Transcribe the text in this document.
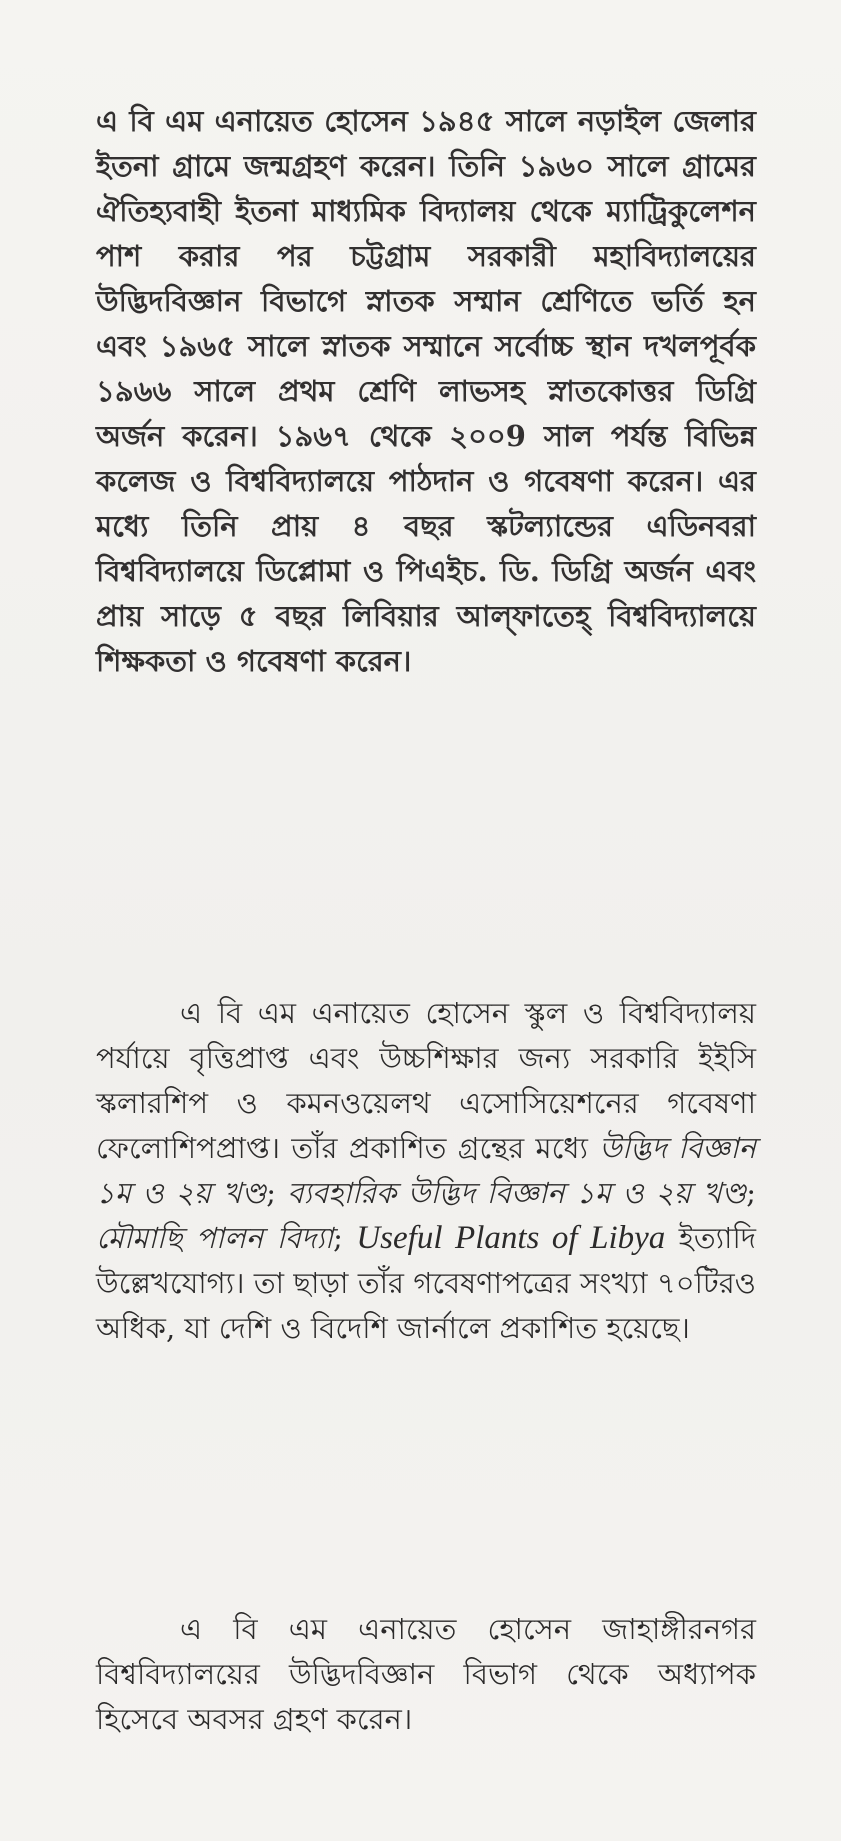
এ বি এম এনায়েত হোসেন ১৯৪৫ সালে নড়াইল জেলার ইতনা গ্রামে জন্মগ্রহণ করেন। তিনি ১৯৬০ সালে গ্রামের ঐতিহ্যবাহী ইতনা মাধ্যমিক বিদ্যালয় থেকে ম্যাট্রিকুলেশন পাশ করার পর চট্টগ্রাম সরকারী মহাবিদ্যালয়ের উদ্ভিদবিজ্ঞান বিভাগে স্নাতক সম্মান শ্রেণিতে ভর্তি হন এবং ১৯৬৫ সালে স্নাতক সম্মানে সর্বোচ্চ স্থান দখলপূর্বক ১৯৬৬ সালে প্রথম শ্রেণি লাভসহ স্নাতকোত্তর ডিগ্রি অর্জন করেন। ১৯৬৭ থেকে ২০০9 সাল পর্যন্ত বিভিন্ন কলেজ ও বিশ্ববিদ্যালয়ে পাঠদান ও গবেষণা করেন। এর মধ্যে তিনি প্রায় ৪ বছর স্কটল্যান্ডের এডিনবরা বিশ্ববিদ্যালয়ে ডিপ্লোমা ও পিএইচ. ডি. ডিগ্রি অর্জন এবং প্রায় সাড়ে ৫ বছর লিবিয়ার আল্‌ফাতেহ্ বিশ্ববিদ্যালয়ে শিক্ষকতা ও গবেষণা করেন।

এ বি এম এনায়েত হোসেন স্কুল ও বিশ্ববিদ্যালয় পর্যায়ে বৃত্তিপ্রাপ্ত এবং উচ্চশিক্ষার জন্য সরকারি ইইসি স্কলারশিপ ও কমনওয়েলথ এসোসিয়েশনের গবেষণা ফেলোশিপপ্রাপ্ত। তাঁর প্রকাশিত গ্রন্থের মধ্যে উদ্ভিদ বিজ্ঞান ১ম ও ২য় খণ্ড; ব্যবহারিক উদ্ভিদ বিজ্ঞান ১ম ও ২য় খণ্ড; মৌমাছি পালন বিদ্যা; Useful Plants of Libya ইত্যাদি উল্লেখযোগ্য। তা ছাড়া তাঁর গবেষণাপত্রের সংখ্যা ৭০টিরও অধিক, যা দেশি ও বিদেশি জার্নালে প্রকাশিত হয়েছে।

এ বি এম এনায়েত হোসেন জাহাঙ্গীরনগর বিশ্ববিদ্যালয়ের উদ্ভিদবিজ্ঞান বিভাগ থেকে অধ্যাপক হিসেবে অবসর গ্রহণ করেন।
